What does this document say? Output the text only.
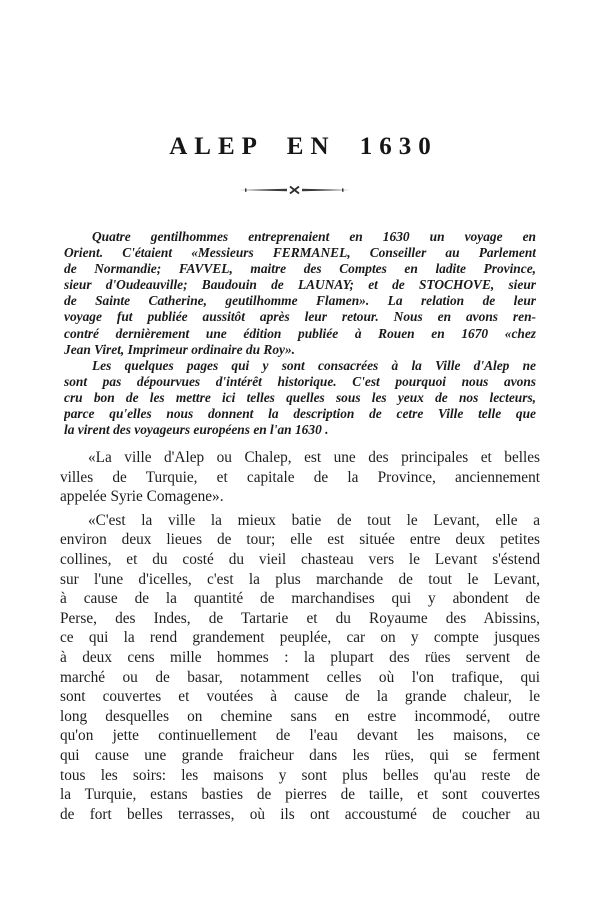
ALEP EN 1630
Quatre gentilhommes entreprenaient en 1630 un voyage en
Orient. C'étaient «Messieurs FERMANEL, Conseiller au Parlement
de Normandie; FAVVEL, maitre des Comptes en ladite Province,
sieur d'Oudeauville; Baudouin de LAUNAY; et de STOCHOVE, sieur
de Sainte Catherine, geutilhomme Flamen». La relation de leur
voyage fut publiée aussitôt après leur retour. Nous en avons ren-
contré dernièrement une édition publiée à Rouen en 1670 «chez
Jean Viret, Imprimeur ordinaire du Roy».
Les quelques pages qui y sont consacrées à la Ville d'Alep ne
sont pas dépourvues d'intérêt historique. C'est pourquoi nous avons
cru bon de les mettre ici telles quelles sous les yeux de nos lecteurs,
parce qu'elles nous donnent la description de cetre Ville telle que
la virent des voyageurs européens en l'an 1630 .
«La ville d'Alep ou Chalep, est une des principales et belles
villes de Turquie, et capitale de la Province, anciennement
appelée Syrie Comagene».
«C'est la ville la mieux batie de tout le Levant, elle a
environ deux lieues de tour; elle est située entre deux petites
collines, et du costé du vieil chasteau vers le Levant s'éstend
sur l'une d'icelles, c'est la plus marchande de tout le Levant,
à cause de la quantité de marchandises qui y abondent de
Perse, des Indes, de Tartarie et du Royaume des Abissins,
ce qui la rend grandement peuplée, car on y compte jusques
à deux cens mille hommes : la plupart des rües servent de
marché ou de basar, notamment celles où l'on trafique, qui
sont couvertes et voutées à cause de la grande chaleur, le
long desquelles on chemine sans en estre incommodé, outre
qu'on jette continuellement de l'eau devant les maisons, ce
qui cause une grande fraicheur dans les rües, qui se ferment
tous les soirs: les maisons y sont plus belles qu'au reste de
la Turquie, estans basties de pierres de taille, et sont couvertes
de fort belles terrasses, où ils ont accoustumé de coucher au
